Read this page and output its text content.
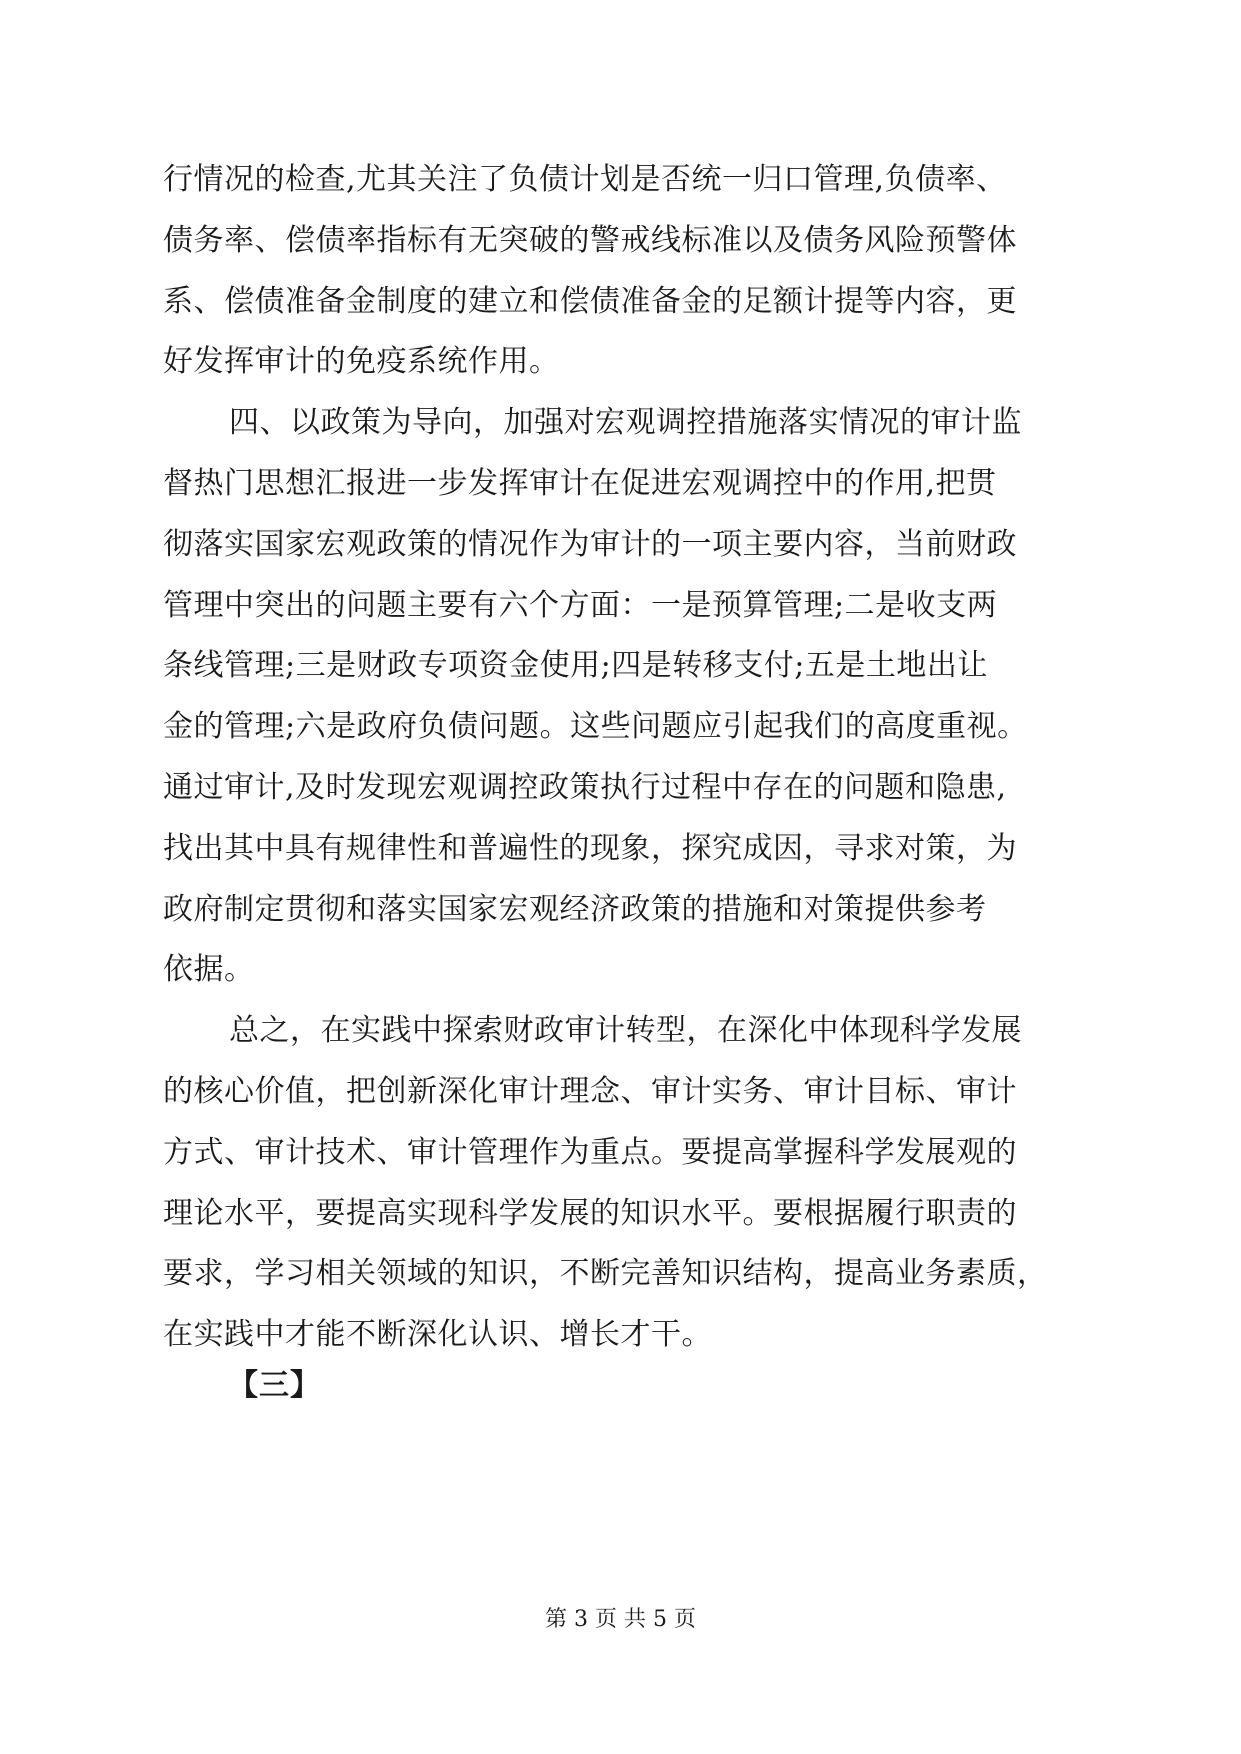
行情况的检查,尤其关注了负债计划是否统一归口管理,负债率、
债务率、偿债率指标有无突破的警戒线标准以及债务风险预警体
系、偿债准备金制度的建立和偿债准备金的足额计提等内容，更
好发挥审计的免疫系统作用。

四、以政策为导向，加强对宏观调控措施落实情况的审计监
督热门思想汇报进一步发挥审计在促进宏观调控中的作用,把贯
彻落实国家宏观政策的情况作为审计的一项主要内容，当前财政
管理中突出的问题主要有六个方面：一是预算管理;二是收支两
条线管理;三是财政专项资金使用;四是转移支付;五是土地出让
金的管理;六是政府负债问题。这些问题应引起我们的高度重视。
通过审计,及时发现宏观调控政策执行过程中存在的问题和隐患,
找出其中具有规律性和普遍性的现象，探究成因，寻求对策，为
政府制定贯彻和落实国家宏观经济政策的措施和对策提供参考
依据。

总之，在实践中探索财政审计转型，在深化中体现科学发展
的核心价值，把创新深化审计理念、审计实务、审计目标、审计
方式、审计技术、审计管理作为重点。要提高掌握科学发展观的
理论水平，要提高实现科学发展的知识水平。要根据履行职责的
要求，学习相关领域的知识，不断完善知识结构，提高业务素质，
在实践中才能不断深化认识、增长才干。

【三】

第 3 页 共 5 页
